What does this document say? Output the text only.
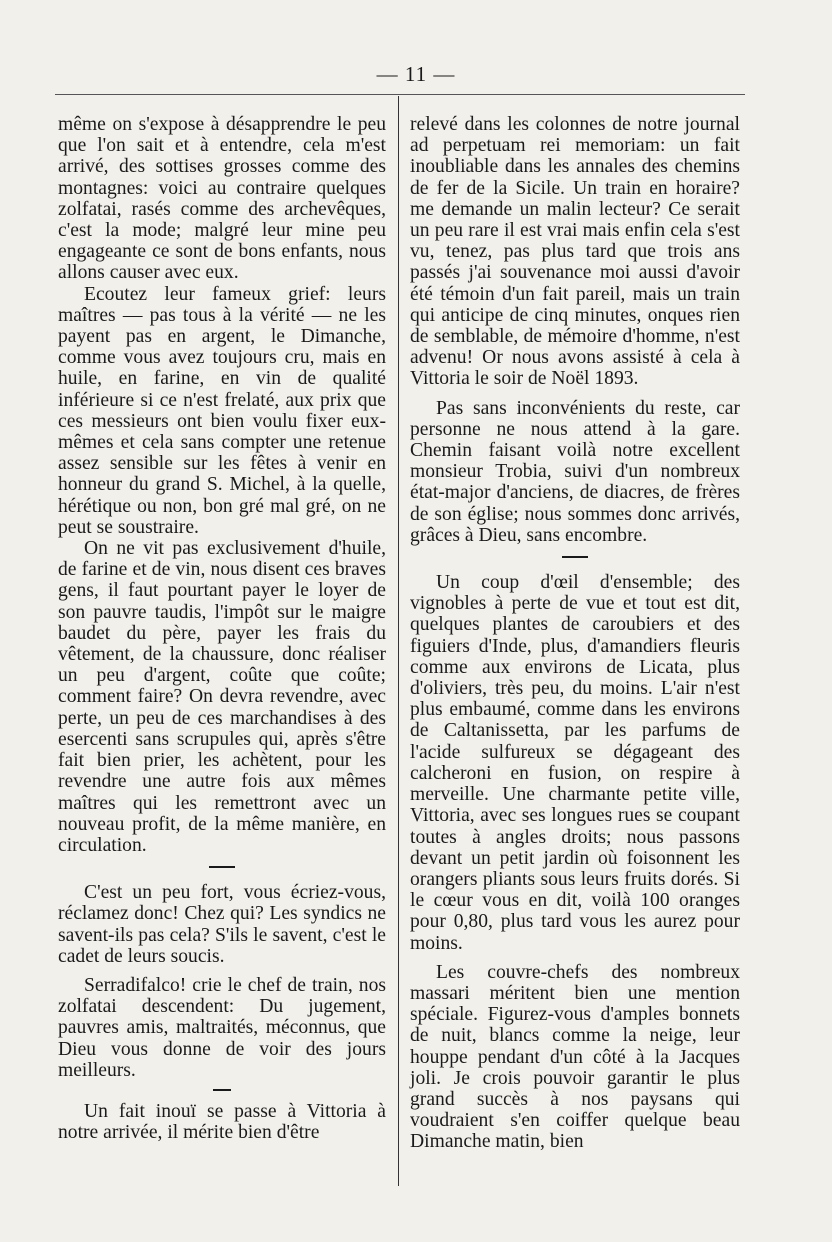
— 11 —

même on s'expose à désapprendre le peu que l'on sait et à entendre, cela m'est arrivé, des sottises grosses comme des montagnes: voici au contraire quelques zolfatai, rasés comme des archevêques, c'est la mode; malgré leur mine peu engageante ce sont de bons enfants, nous allons causer avec eux.

Ecoutez leur fameux grief: leurs maîtres — pas tous à la vérité — ne les payent pas en argent, le Dimanche, comme vous avez toujours cru, mais en huile, en farine, en vin de qualité inférieure si ce n'est frelaté, aux prix que ces messieurs ont bien voulu fixer eux-mêmes et cela sans compter une retenue assez sensible sur les fêtes à venir en honneur du grand S. Michel, à la quelle, hérétique ou non, bon gré mal gré, on ne peut se soustraire.

On ne vit pas exclusivement d'huile, de farine et de vin, nous disent ces braves gens, il faut pourtant payer le loyer de son pauvre taudis, l'impôt sur le maigre baudet du père, payer les frais du vêtement, de la chaussure, donc réaliser un peu d'argent, coûte que coûte; comment faire? On devra revendre, avec perte, un peu de ces marchandises à des esercenti sans scrupules qui, après s'être fait bien prier, les achètent, pour les revendre une autre fois aux mêmes maîtres qui les remettront avec un nouveau profit, de la même manière, en circulation.

C'est un peu fort, vous écriez-vous, réclamez donc! Chez qui? Les syndics ne savent-ils pas cela? S'ils le savent, c'est le cadet de leurs soucis.

Serradifalco! crie le chef de train, nos zolfatai descendent: Du jugement, pauvres amis, maltraités, méconnus, que Dieu vous donne de voir des jours meilleurs.

Un fait inouï se passe à Vittoria à notre arrivée, il mérite bien d'être

relevé dans les colonnes de notre journal ad perpetuam rei memoriam: un fait inoubliable dans les annales des chemins de fer de la Sicile. Un train en horaire? me demande un malin lecteur? Ce serait un peu rare il est vrai mais enfin cela s'est vu, tenez, pas plus tard que trois ans passés j'ai souvenance moi aussi d'avoir été témoin d'un fait pareil, mais un train qui anticipe de cinq minutes, onques rien de semblable, de mémoire d'homme, n'est advenu! Or nous avons assisté à cela à Vittoria le soir de Noël 1893.

Pas sans inconvénients du reste, car personne ne nous attend à la gare. Chemin faisant voilà notre excellent monsieur Trobia, suivi d'un nombreux état-major d'anciens, de diacres, de frères de son église; nous sommes donc arrivés, grâces à Dieu, sans encombre.

Un coup d'œil d'ensemble; des vignobles à perte de vue et tout est dit, quelques plantes de caroubiers et des figuiers d'Inde, plus, d'amandiers fleuris comme aux environs de Licata, plus d'oliviers, très peu, du moins. L'air n'est plus embaumé, comme dans les environs de Caltanissetta, par les parfums de l'acide sulfureux se dégageant des calcheroni en fusion, on respire à merveille. Une charmante petite ville, Vittoria, avec ses longues rues se coupant toutes à angles droits; nous passons devant un petit jardin où foisonnent les orangers pliants sous leurs fruits dorés. Si le cœur vous en dit, voilà 100 oranges pour 0,80, plus tard vous les aurez pour moins.

Les couvre-chefs des nombreux massari méritent bien une mention spéciale. Figurez-vous d'amples bonnets de nuit, blancs comme la neige, leur houppe pendant d'un côté à la Jacques joli. Je crois pouvoir garantir le plus grand succès à nos paysans qui voudraient s'en coiffer quelque beau Dimanche matin, bien
